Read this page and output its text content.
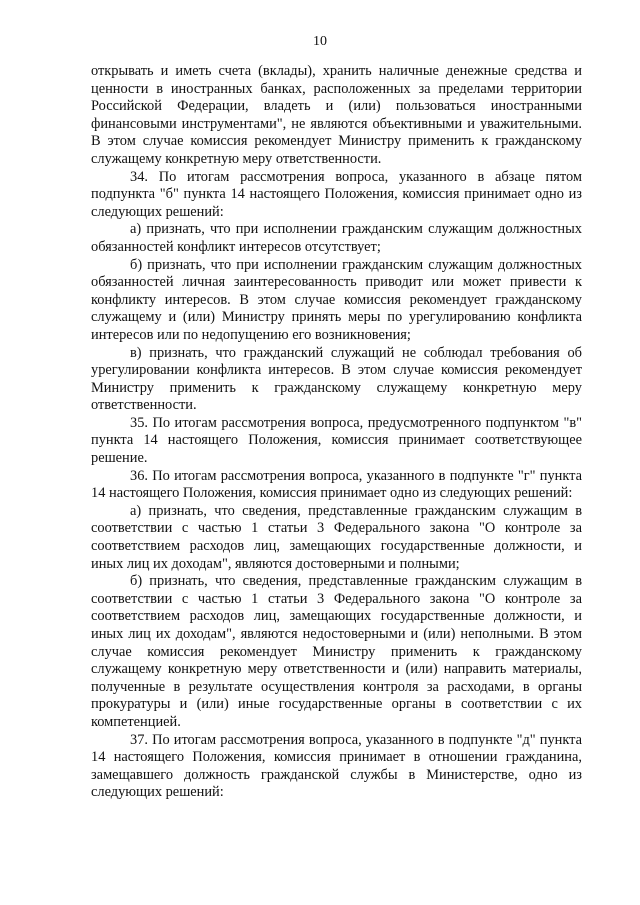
10

открывать и иметь счета (вклады), хранить наличные денежные средства и ценности в иностранных банках, расположенных за пределами территории Российской Федерации, владеть и (или) пользоваться иностранными финансовыми инструментами", не являются объективными и уважительными. В этом случае комиссия рекомендует Министру применить к гражданскому служащему конкретную меру ответственности.

34. По итогам рассмотрения вопроса, указанного в абзаце пятом подпункта "б" пункта 14 настоящего Положения, комиссия принимает одно из следующих решений:

а) признать, что при исполнении гражданским служащим должностных обязанностей конфликт интересов отсутствует;

б) признать, что при исполнении гражданским служащим должностных обязанностей личная заинтересованность приводит или может привести к конфликту интересов. В этом случае комиссия рекомендует гражданскому служащему и (или) Министру принять меры по урегулированию конфликта интересов или по недопущению его возникновения;

в) признать, что гражданский служащий не соблюдал требования об урегулировании конфликта интересов. В этом случае комиссия рекомендует Министру применить к гражданскому служащему конкретную меру ответственности.

35. По итогам рассмотрения вопроса, предусмотренного подпунктом "в" пункта 14 настоящего Положения, комиссия принимает соответствующее решение.

36. По итогам рассмотрения вопроса, указанного в подпункте "г" пункта 14 настоящего Положения, комиссия принимает одно из следующих решений:

а) признать, что сведения, представленные гражданским служащим в соответствии с частью 1 статьи 3 Федерального закона "О контроле за соответствием расходов лиц, замещающих государственные должности, и иных лиц их доходам", являются достоверными и полными;

б) признать, что сведения, представленные гражданским служащим в соответствии с частью 1 статьи 3 Федерального закона "О контроле за соответствием расходов лиц, замещающих государственные должности, и иных лиц их доходам", являются недостоверными и (или) неполными. В этом случае комиссия рекомендует Министру применить к гражданскому служащему конкретную меру ответственности и (или) направить материалы, полученные в результате осуществления контроля за расходами, в органы прокуратуры и (или) иные государственные органы в соответствии с их компетенцией.

37. По итогам рассмотрения вопроса, указанного в подпункте "д" пункта 14 настоящего Положения, комиссия принимает в отношении гражданина, замещавшего должность гражданской службы в Министерстве, одно из следующих решений:
